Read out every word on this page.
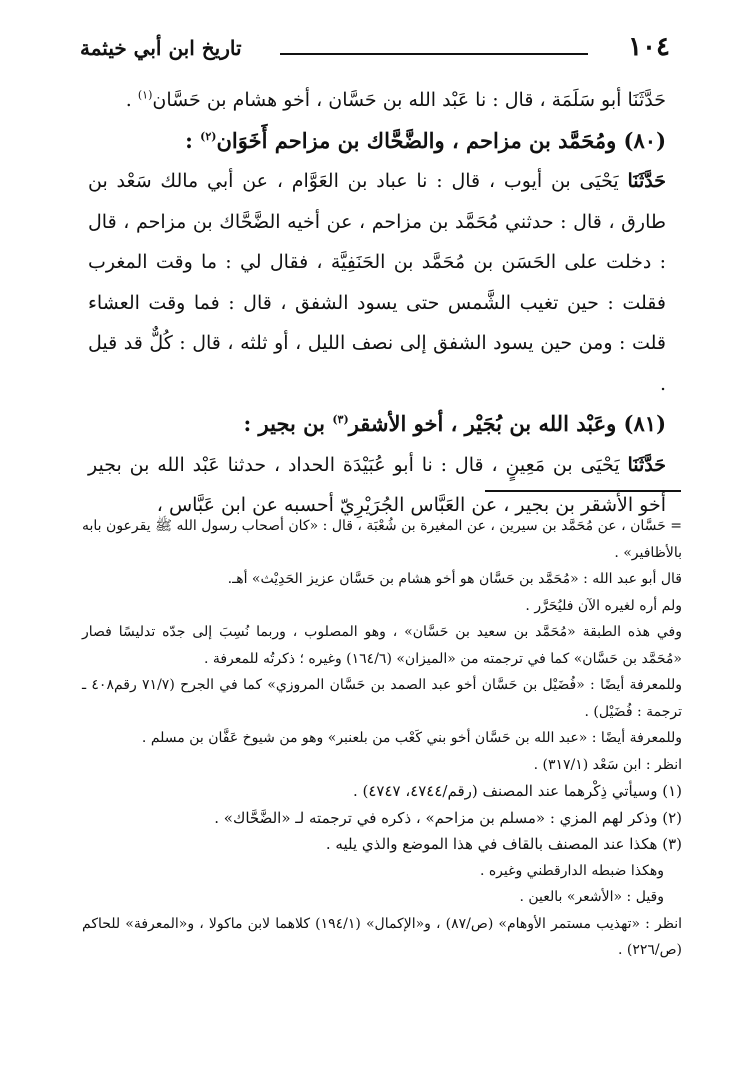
١٠٤
تاريخ ابن أبي خيثمة

حَدَّثَنَا أبو سَلَمَة ، قال : نا عَبْد الله بن حَسَّان ، أخو هشام بن حَسَّان$^{(١)}$ .

(٨٠) ومُحَمَّد بن مزاحم ، والضَّحَّاك بن مزاحم أَخَوَان$^{(٢)}$ :

حَدَّثَنَا يَحْيَى بن أيوب ، قال : نا عباد بن العَوَّام ، عن أبي مالك سَعْد بن طارق ، قال : حدثني مُحَمَّد بن مزاحم ، عن أخيه الضَّحَّاك بن مزاحم ، قال : دخلت على الحَسَن بن مُحَمَّد بن الحَنَفِيَّة ، فقال لي : ما وقت المغرب فقلت : حين تغيب الشَّمس حتى يسود الشفق ، قال : فما وقت العشاء قلت : ومن حين يسود الشفق إلى نصف الليل ، أو ثلثه ، قال : كُلٌّ قد قيل .

(٨١) وعَبْد الله بن بُجَيْر ، أخو الأشقر$^{(٣)}$ بن بجير :

حَدَّثَنَا يَحْيَى بن مَعِينٍ ، قال : نا أبو عُبَيْدَة الحداد ، حدثنا عَبْد الله بن بجير أخو الأشقر بن بجير ، عن العَبَّاس الجُرَيْرِيّ أحسبه عن ابن عَبَّاس ،

= حَسَّان ، عن مُحَمَّد بن سيرين ، عن المغيرة بن شُعْبَة ، قال : «كان أصحاب رسول الله ﷺ يقرعون بابه بالأظافير» .

قال أبو عبد الله : «مُحَمَّد بن حَسَّان هو أخو هشام بن حَسَّان عزيز الحَدِيْث» أهـ.

ولم أره لغيره الآن فليُحَرَّر .

وفي هذه الطبقة «مُحَمَّد بن سعيد بن حَسَّان» ، وهو المصلوب ، وربما نُسِبَ إلى جدّه تدليسًا فصار «مُحَمَّد بن حَسَّان» كما في ترجمته من «الميزان» (١٦٤/٦) وغيره ؛ ذكرتُه للمعرفة .

وللمعرفة أيضًا : «فُضَيْل بن حَسَّان أخو عبد الصمد بن حَسَّان المروزي» كما في الجرح (٧١/٧ رقم٤٠٨ ـ ترجمة : فُضَيْل) .

وللمعرفة أيضًا : «عبد الله بن حَسَّان أخو بني كَعْب من بلعنبر» وهو من شيوخ عَفَّان بن مسلم .

انظر : ابن سَعْد (٣١٧/١) .

(١) وسيأتي ذِكْرهما عند المصنف (رقم/٤٧٤٤، ٤٧٤٧) .

(٢) وذكر لهم المزي : «مسلم بن مزاحم» ، ذكره في ترجمته لـ «الضَّحَّاك» .

(٣) هكذا عند المصنف بالقاف في هذا الموضع والذي يليه .

وهكذا ضبطه الدارقطني وغيره .

وقيل : «الأشعر» بالعين .

انظر : «تهذيب مستمر الأوهام» (ص/٨٧) ، و«الإكمال» (١٩٤/١) كلاهما لابن ماكولا ، و«المعرفة» للحاكم (ص/٢٢٦) .
